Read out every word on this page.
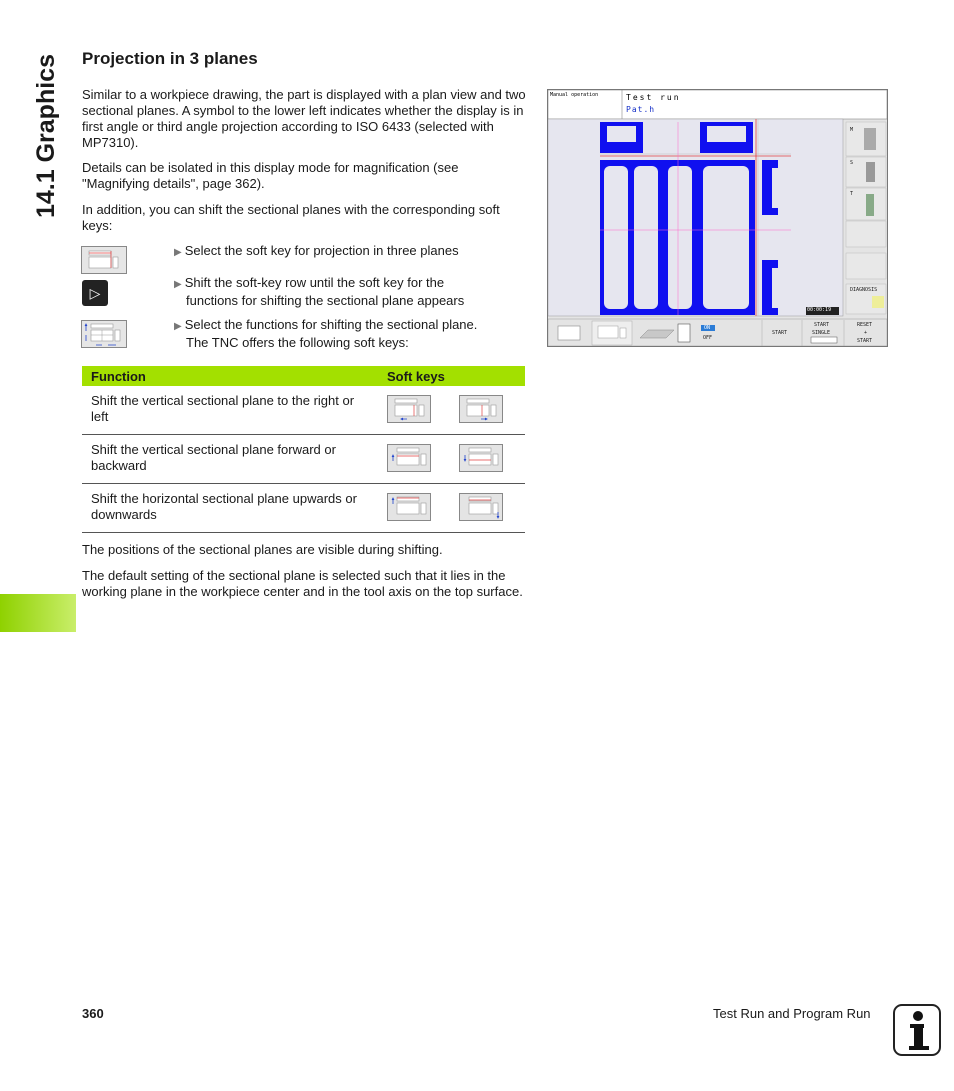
14.1 Graphics Projection in 3 planes

Similar to a workpiece drawing, the part is displayed with a plan view and two sectional planes. A symbol to the lower left indicates whether the display is in first angle or third angle projection according to ISO 6433 (selected with MP7310).

Details can be isolated in this display mode for magnification (see "Magnifying details", page 362).

In addition, you can shift the sectional planes with the corresponding soft keys:

▶ Select the soft key for projection in three planes
▷
▶ Shift the soft-key row until the soft key for the
functions for shifting the sectional plane appears
▶ Select the functions for shifting the sectional plane.
The TNC offers the following soft keys:
Function	Soft keys
Shift the vertical sectional plane to the right or left	

Shift the vertical sectional plane forward or backward	

Shift the horizontal sectional plane upwards or downwards	

The positions of the sectional planes are visible during shifting.

The default setting of the sectional plane is selected such that it lies in the working plane in the workpiece center and in the tool axis on the top surface.

Manual operation	Test run
Pat.h
00:00:19
M
S
T
DIAGNOSIS
ON
OFF
START
START
SINGLE
RESET
+
START
360	Test Run and Program Run
